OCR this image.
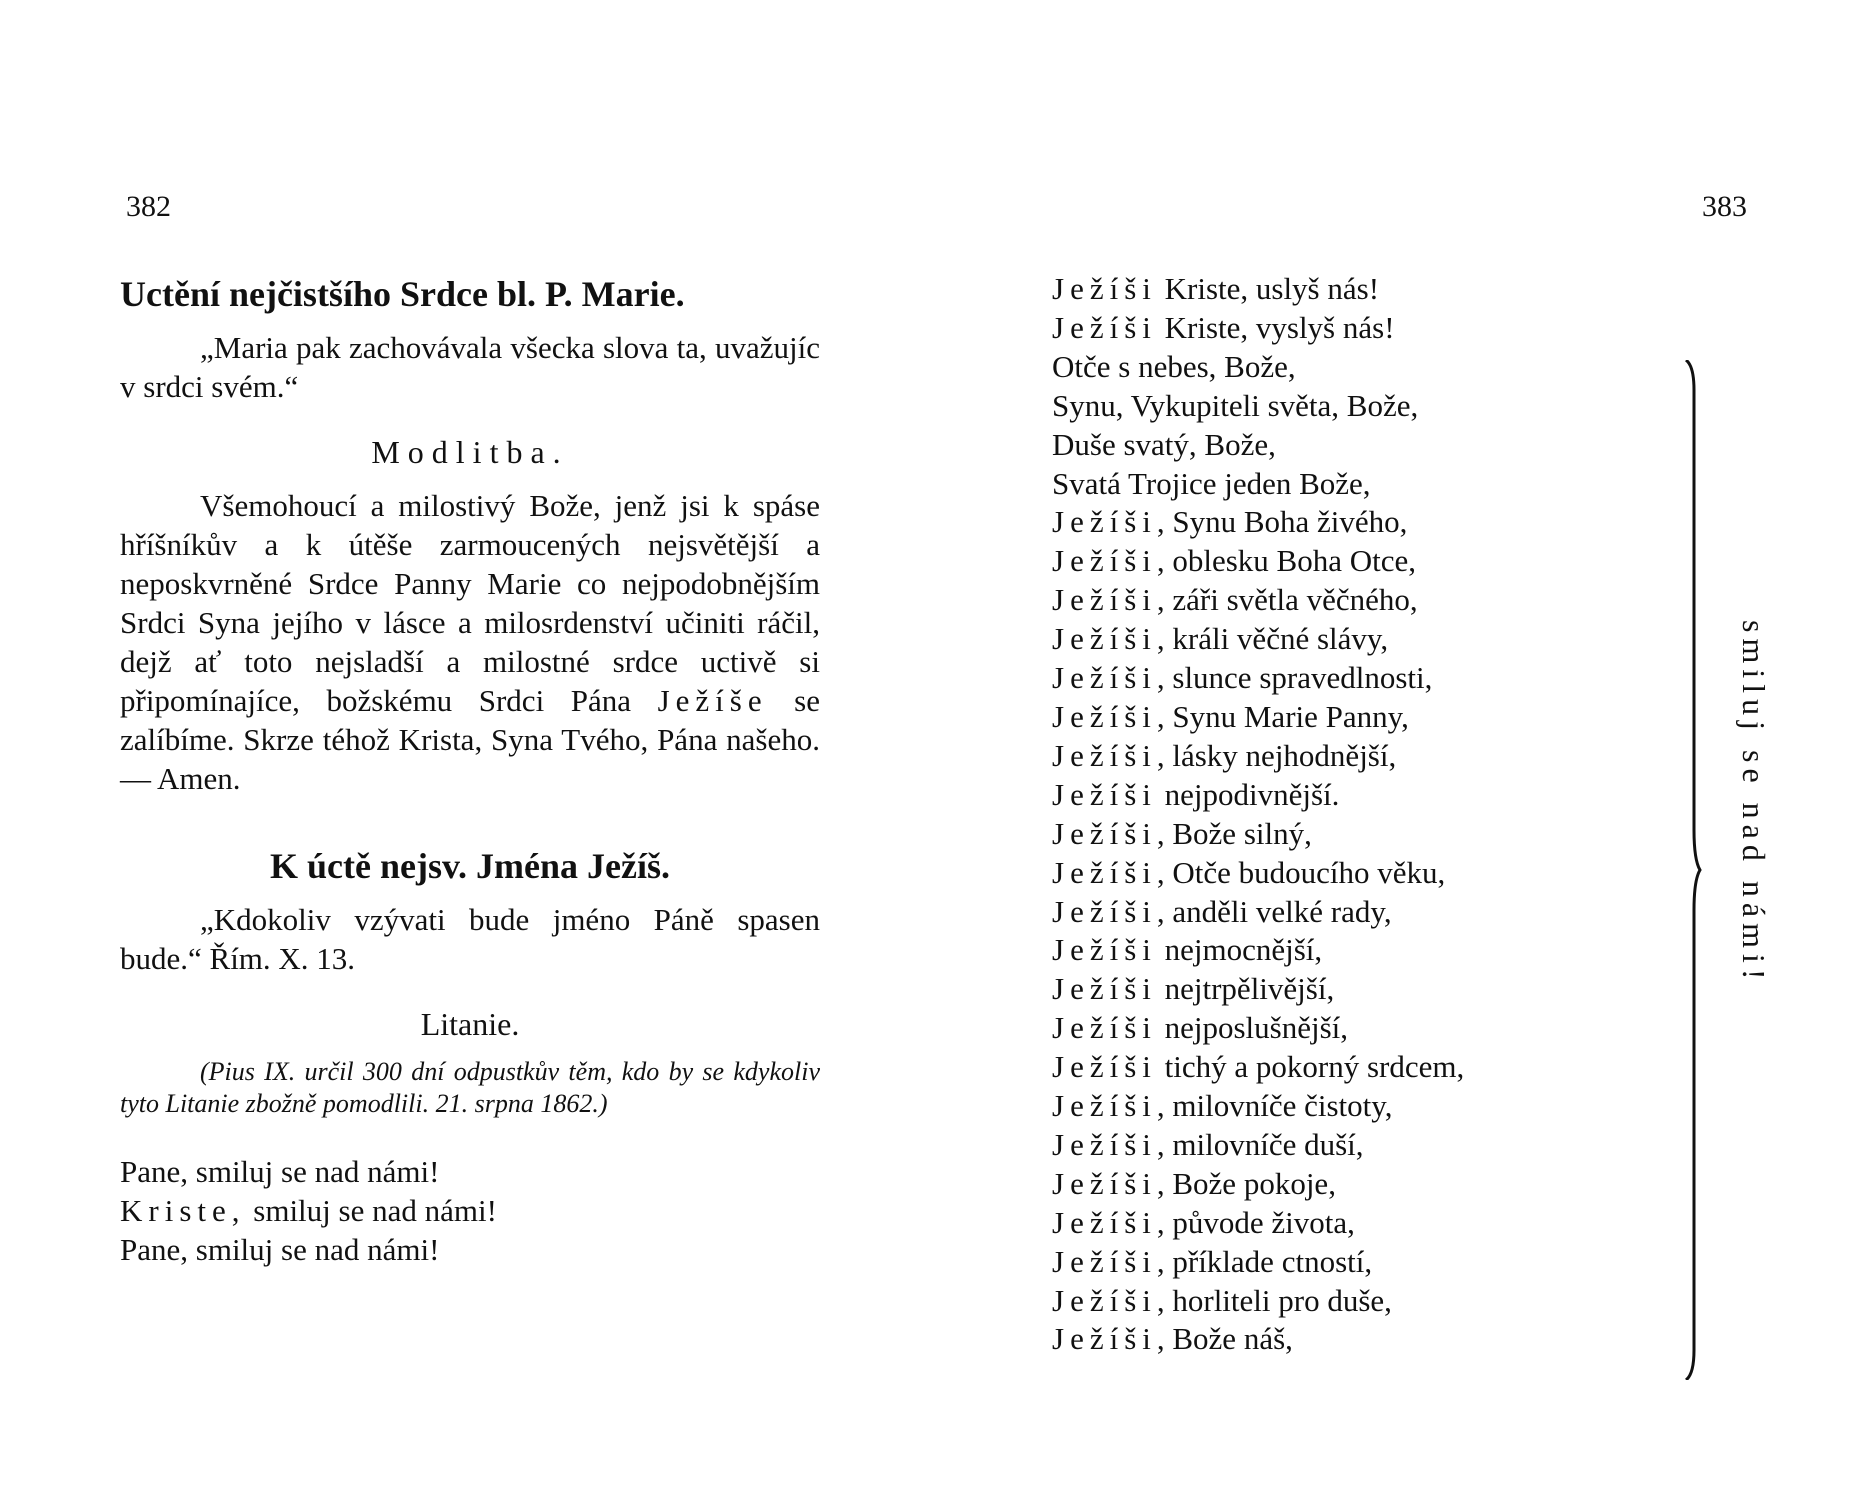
382	383
Uctění nejčistšího Srdce bl. P. Marie.

„Maria pak zachovávala všecka slova ta, uvažujíc v srdci svém.“

Modlitba.

Všemohoucí a milostivý Bože, jenž jsi k spáse hříšníkův a k útěše zarmoucených nejsvětější a neposkvrněné Srdce Panny Marie co nejpodobnějším Srdci Syna jejího v lásce a milosrdenství učiniti ráčil, dejž ať toto nejsladší a milostné srdce uctivě si připomínajíce, božskému Srdci Pána Ježíše se zalíbíme. Skrze téhož Krista, Syna Tvého, Pána našeho. — Amen.

K úctě nejsv. Jména Ježíš.

„Kdokoliv vzývati bude jméno Páně spasen bude.“ Řím. X. 13.

Litanie.

(Pius IX. určil 300 dní odpustkův těm, kdo by se kdykoliv tyto Litanie zbožně pomodlili. 21. srpna 1862.)

Pane, smiluj se nad námi!
Kriste, smiluj se nad námi!
Pane, smiluj se nad námi!
Ježíši Kriste, uslyš nás!
Ježíši Kriste, vyslyš nás!
Otče s nebes, Bože,
Synu, Vykupiteli světa, Bože,
Duše svatý, Bože,
Svatá Trojice jeden Bože,
Ježíši, Synu Boha živého,
Ježíši, oblesku Boha Otce,
Ježíši, záři světla věčného,
Ježíši, králi věčné slávy,
Ježíši, slunce spravedlnosti,
Ježíši, Synu Marie Panny,
Ježíši, lásky nejhodnější,
Ježíši nejpodivnější.
Ježíši, Bože silný,
Ježíši, Otče budoucího věku,
Ježíši, anděli velké rady,
Ježíši nejmocnější,
Ježíši nejtrpělivější,
Ježíši nejposlušnější,
Ježíši tichý a pokorný srdcem,
Ježíši, milovníče čistoty,
Ježíši, milovníče duší,
Ježíši, Bože pokoje,
Ježíši, původe života,
Ježíši, příklade ctností,
Ježíši, horliteli pro duše,
Ježíši, Bože náš,
smiluj se nad námi!
